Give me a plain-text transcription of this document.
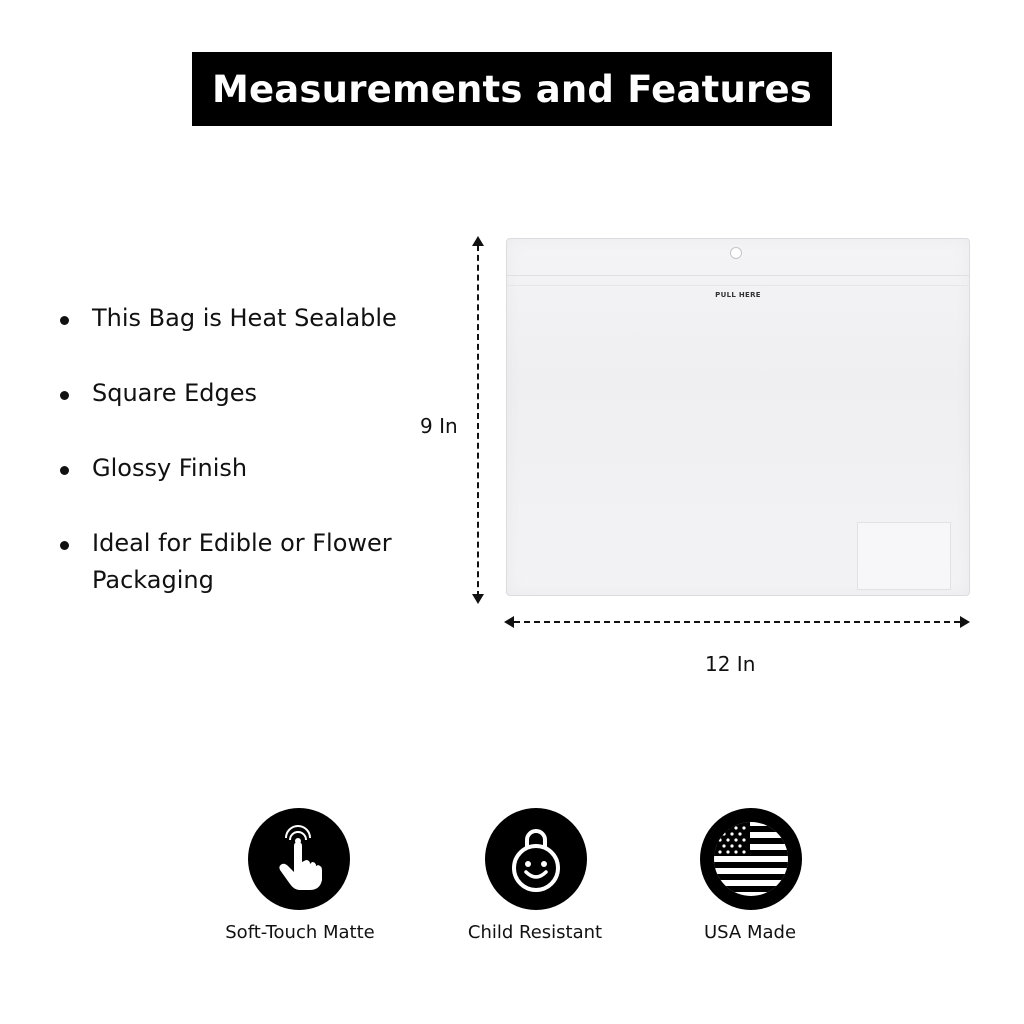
Measurements and Features
This Bag is Heat Sealable
Square Edges
Glossy Finish
Ideal for Edible or Flower Packaging
9 In
PULL HERE
12 In
Soft-Touch Matte	Child Resistant	USA Made
